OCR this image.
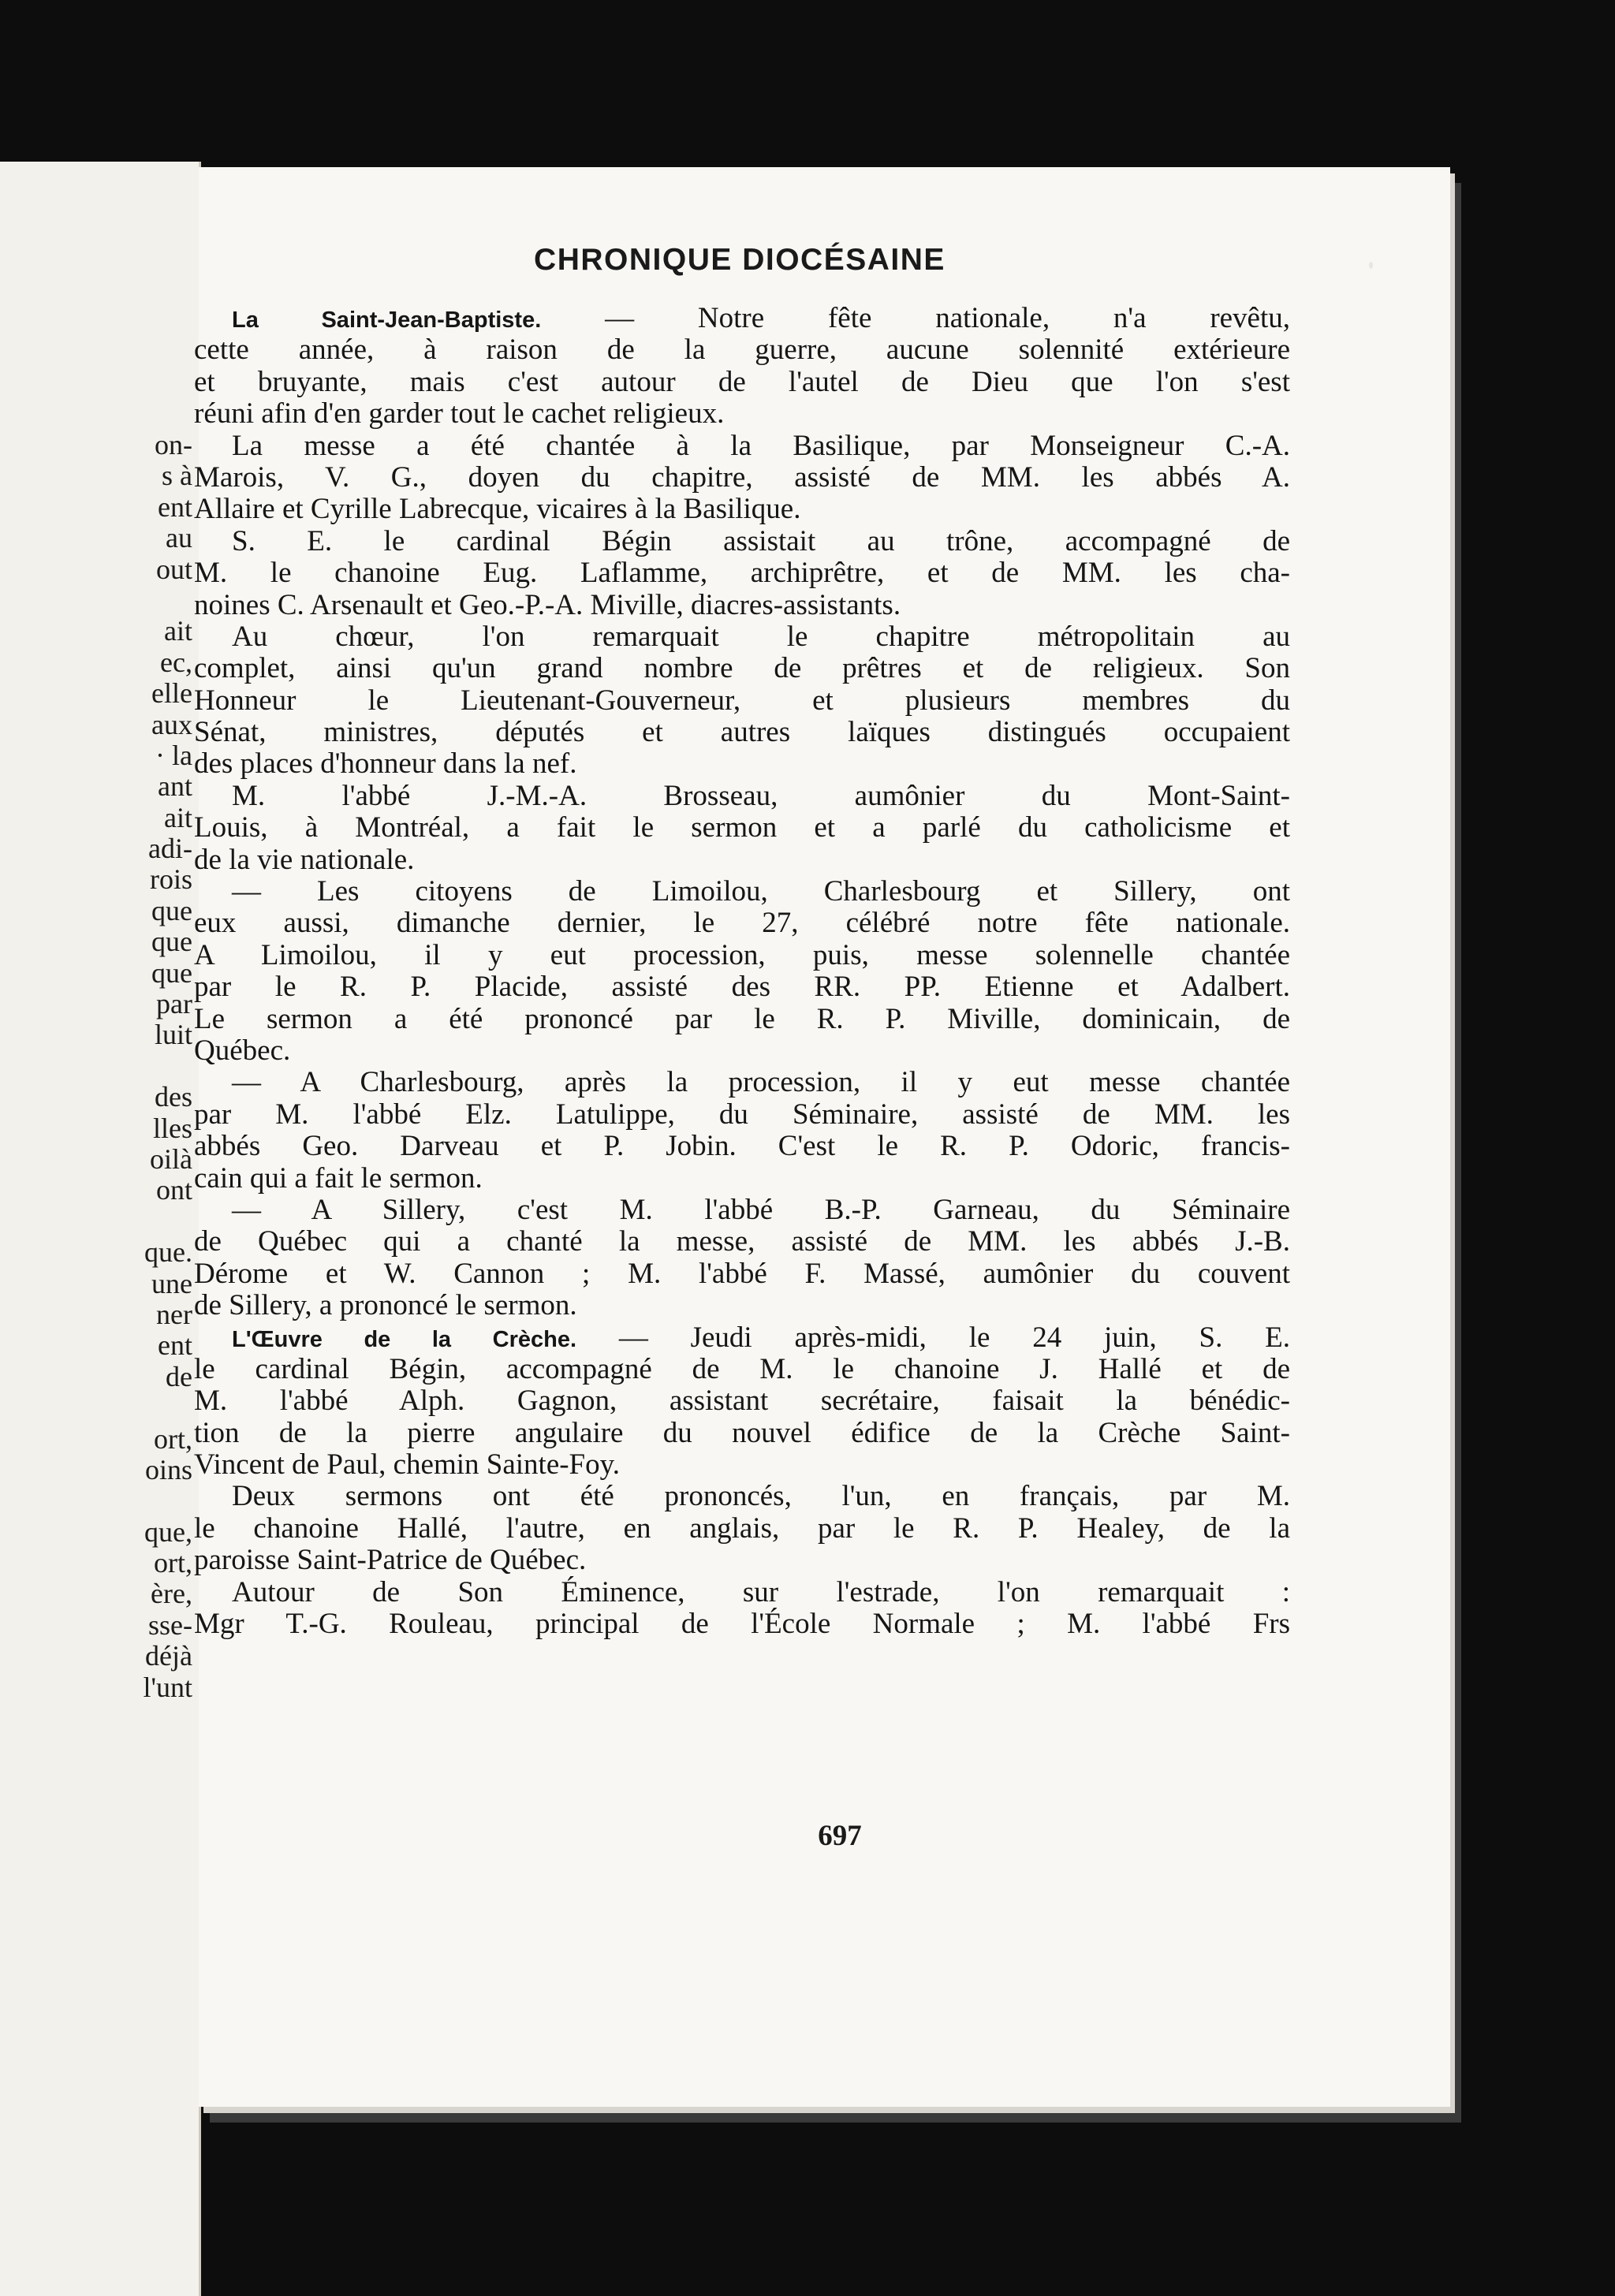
on-
s à
ent
au
out
ait
ec,
elle
aux
· la
ant
ait
adi-
rois
que
que
que
par
luit
des
lles
oilà
ont
que.
une
ner
ent
de
ort,
oins
que,
ort,
ère,
sse-
déjà
l'unt
CHRONIQUE DIOCÉSAINE
La Saint-Jean-Baptiste. — Notre fête nationale, n'a revêtu,
cette année, à raison de la guerre, aucune solennité extérieure
et bruyante, mais c'est autour de l'autel de Dieu que l'on s'est
réuni afin d'en garder tout le cachet religieux.
La messe a été chantée à la Basilique, par Monseigneur C.-A.
Marois, V. G., doyen du chapitre, assisté de MM. les abbés A.
Allaire et Cyrille Labrecque, vicaires à la Basilique.
S. E. le cardinal Bégin assistait au trône, accompagné de
M. le chanoine Eug. Laflamme, archiprêtre, et de MM. les cha-
noines C. Arsenault et Geo.-P.-A. Miville, diacres-assistants.
Au chœur, l'on remarquait le chapitre métropolitain au
complet, ainsi qu'un grand nombre de prêtres et de religieux. Son
Honneur le Lieutenant-Gouverneur, et plusieurs membres du
Sénat, ministres, députés et autres laïques distingués occupaient
des places d'honneur dans la nef.
M. l'abbé J.-M.-A. Brosseau, aumônier du Mont-Saint-
Louis, à Montréal, a fait le sermon et a parlé du catholicisme et
de la vie nationale.
— Les citoyens de Limoilou, Charlesbourg et Sillery, ont
eux aussi, dimanche dernier, le 27, célébré notre fête nationale.
A Limoilou, il y eut procession, puis, messe solennelle chantée
par le R. P. Placide, assisté des RR. PP. Etienne et Adalbert.
Le sermon a été prononcé par le R. P. Miville, dominicain, de
Québec.
— A Charlesbourg, après la procession, il y eut messe chantée
par M. l'abbé Elz. Latulippe, du Séminaire, assisté de MM. les
abbés Geo. Darveau et P. Jobin. C'est le R. P. Odoric, francis-
cain qui a fait le sermon.
— A Sillery, c'est M. l'abbé B.-P. Garneau, du Séminaire
de Québec qui a chanté la messe, assisté de MM. les abbés J.-B.
Dérome et W. Cannon ; M. l'abbé F. Massé, aumônier du couvent
de Sillery, a prononcé le sermon.
L'Œuvre de la Crèche. — Jeudi après-midi, le 24 juin, S. E.
le cardinal Bégin, accompagné de M. le chanoine J. Hallé et de
M. l'abbé Alph. Gagnon, assistant secrétaire, faisait la bénédic-
tion de la pierre angulaire du nouvel édifice de la Crèche Saint-
Vincent de Paul, chemin Sainte-Foy.
Deux sermons ont été prononcés, l'un, en français, par M.
le chanoine Hallé, l'autre, en anglais, par le R. P. Healey, de la
paroisse Saint-Patrice de Québec.
Autour de Son Éminence, sur l'estrade, l'on remarquait :
Mgr T.-G. Rouleau, principal de l'École Normale ; M. l'abbé Frs
697
